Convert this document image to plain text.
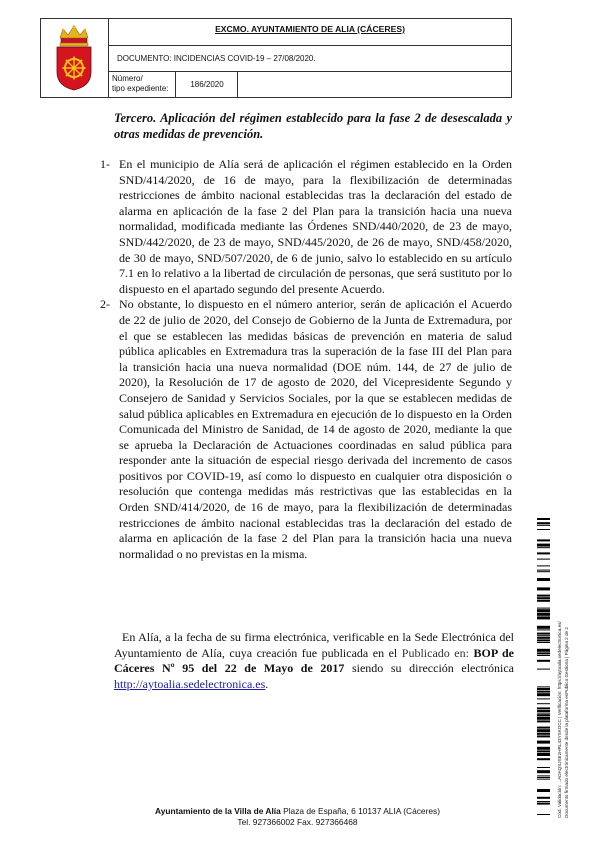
EXCMO. AYUNTAMIENTO DE ALIA (CÁCERES)
DOCUMENTO: INCIDENCIAS COVID-19 – 27/08/2020.
Número/
tipo expediente:	186/2020
Tercero. Aplicación del régimen establecido para la fase 2 de desescalada y otras medidas de prevención.
1- En el municipio de Alía será de aplicación el régimen establecido en la Orden SND/414/2020, de 16 de mayo, para la flexibilización de determinadas restricciones de ámbito nacional establecidas tras la declaración del estado de alarma en aplicación de la fase 2 del Plan para la transición hacia una nueva normalidad, modificada mediante las Órdenes SND/440/2020, de 23 de mayo, SND/442/2020, de 23 de mayo, SND/445/2020, de 26 de mayo, SND/458/2020, de 30 de mayo, SND/507/2020, de 6 de junio, salvo lo establecido en su artículo 7.1 en lo relativo a la libertad de circulación de personas, que será sustituto por lo dispuesto en el apartado segundo del presente Acuerdo.
2- No obstante, lo dispuesto en el número anterior, serán de aplicación el Acuerdo de 22 de julio de 2020, del Consejo de Gobierno de la Junta de Extremadura, por el que se establecen las medidas básicas de prevención en materia de salud pública aplicables en Extremadura tras la superación de la fase III del Plan para la transición hacia una nueva normalidad (DOE núm. 144, de 27 de julio de 2020), la Resolución de 17 de agosto de 2020, del Vicepresidente Segundo y Consejero de Sanidad y Servicios Sociales, por la que se establecen medidas de salud pública aplicables en Extremadura en ejecución de lo dispuesto en la Orden Comunicada del Ministro de Sanidad, de 14 de agosto de 2020, mediante la que se aprueba la Declaración de Actuaciones coordinadas en salud pública para responder ante la situación de especial riesgo derivada del incremento de casos positivos por COVID-19, así como lo dispuesto en cualquier otra disposición o resolución que contenga medidas más restrictivas que las establecidas en la Orden SND/414/2020, de 16 de mayo, para la flexibilización de determinadas restricciones de ámbito nacional establecidas tras la declaración del estado de alarma en aplicación de la fase 2 del Plan para la transición hacia una nueva normalidad o no previstas en la misma.
En Alía, a la fecha de su firma electrónica, verificable en la Sede Electrónica del Ayuntamiento de Alía, cuya creación fue publicada en el Publicado en: BOP de Cáceres Nº 95 del 22 de Mayo de 2017 siendo su dirección electrónica http://aytoalia.sedelectronica.es.	Cód. Validación: ...ADAQSJSE2HRL43YSKOCC | Verificación: https://aytoalia.sedelectronica.es/ Documento firmado electrónicamente desde la plataforma esPublico Gestiona | Página 2 de 2
Ayuntamiento de la Villa de Alía Plaza de España, 6 10137 ALIA (Cáceres)
Tel. 927366002 Fax. 927366468
